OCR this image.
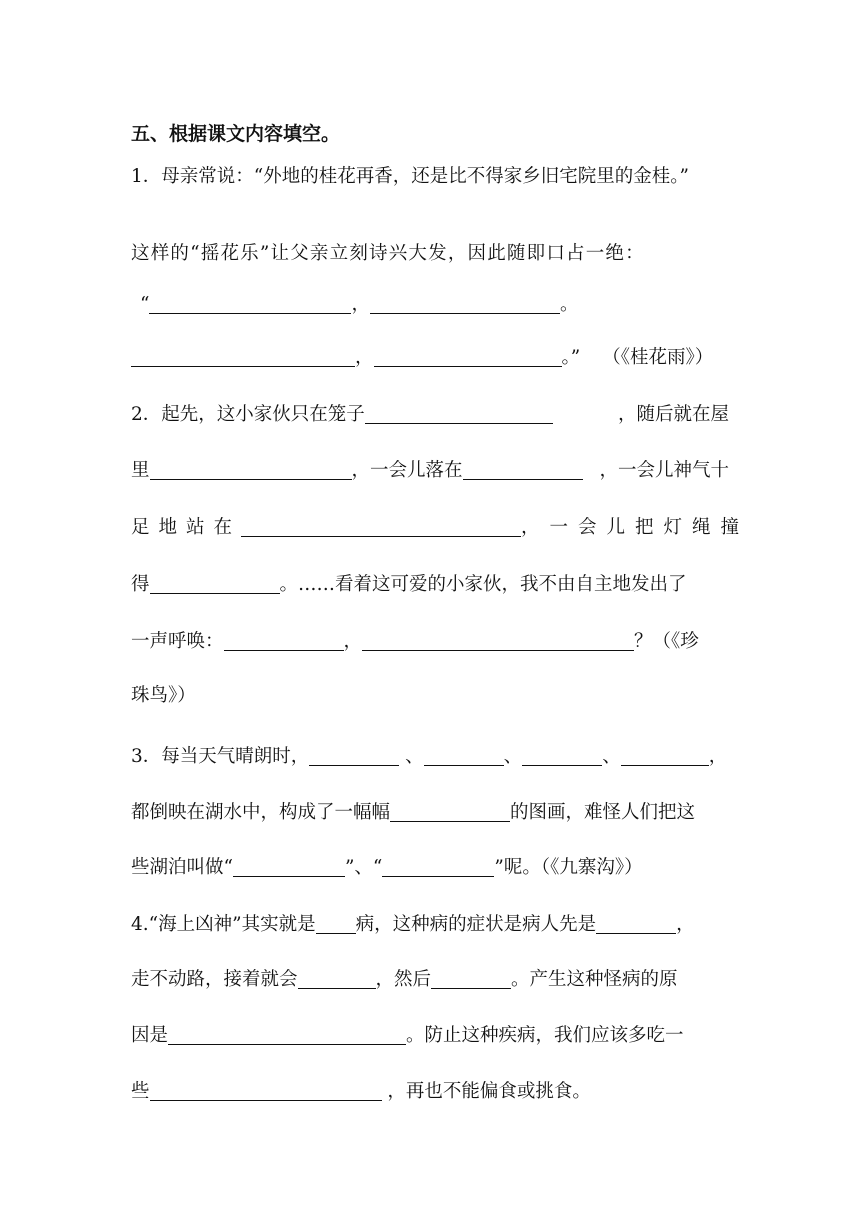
五、根据课文内容填空。
1．母亲常说：“外地的桂花再香，还是比不得家乡旧宅院里的金桂。”
这样的“摇花乐”让父亲立刻诗兴大发，因此随即口占一绝：
“	，	。
，	。” （《桂花雨》）
2．起先，这小家伙只在笼子	，随后就在屋
里	，一会儿落在	，一会儿神气十
足地站在	，一会儿把灯绳撞
得	。……看着这可爱的小家伙，我不由自主地发出了
一声呼唤：	，	？（《珍
珠鸟》）
3．每当天气晴朗时，	、	、	、	，
都倒映在湖水中，构成了一幅幅	的图画，难怪人们把这
些湖泊叫做“	”、“	”呢。（《九寨沟》）
4.“海上凶神”其实就是 病，这种病的症状是病人先是	，
走不动路，接着就会	，然后	。产生这种怪病的原
因是	。防止这种疾病，我们应该多吃一
些	，再也不能偏食或挑食。
